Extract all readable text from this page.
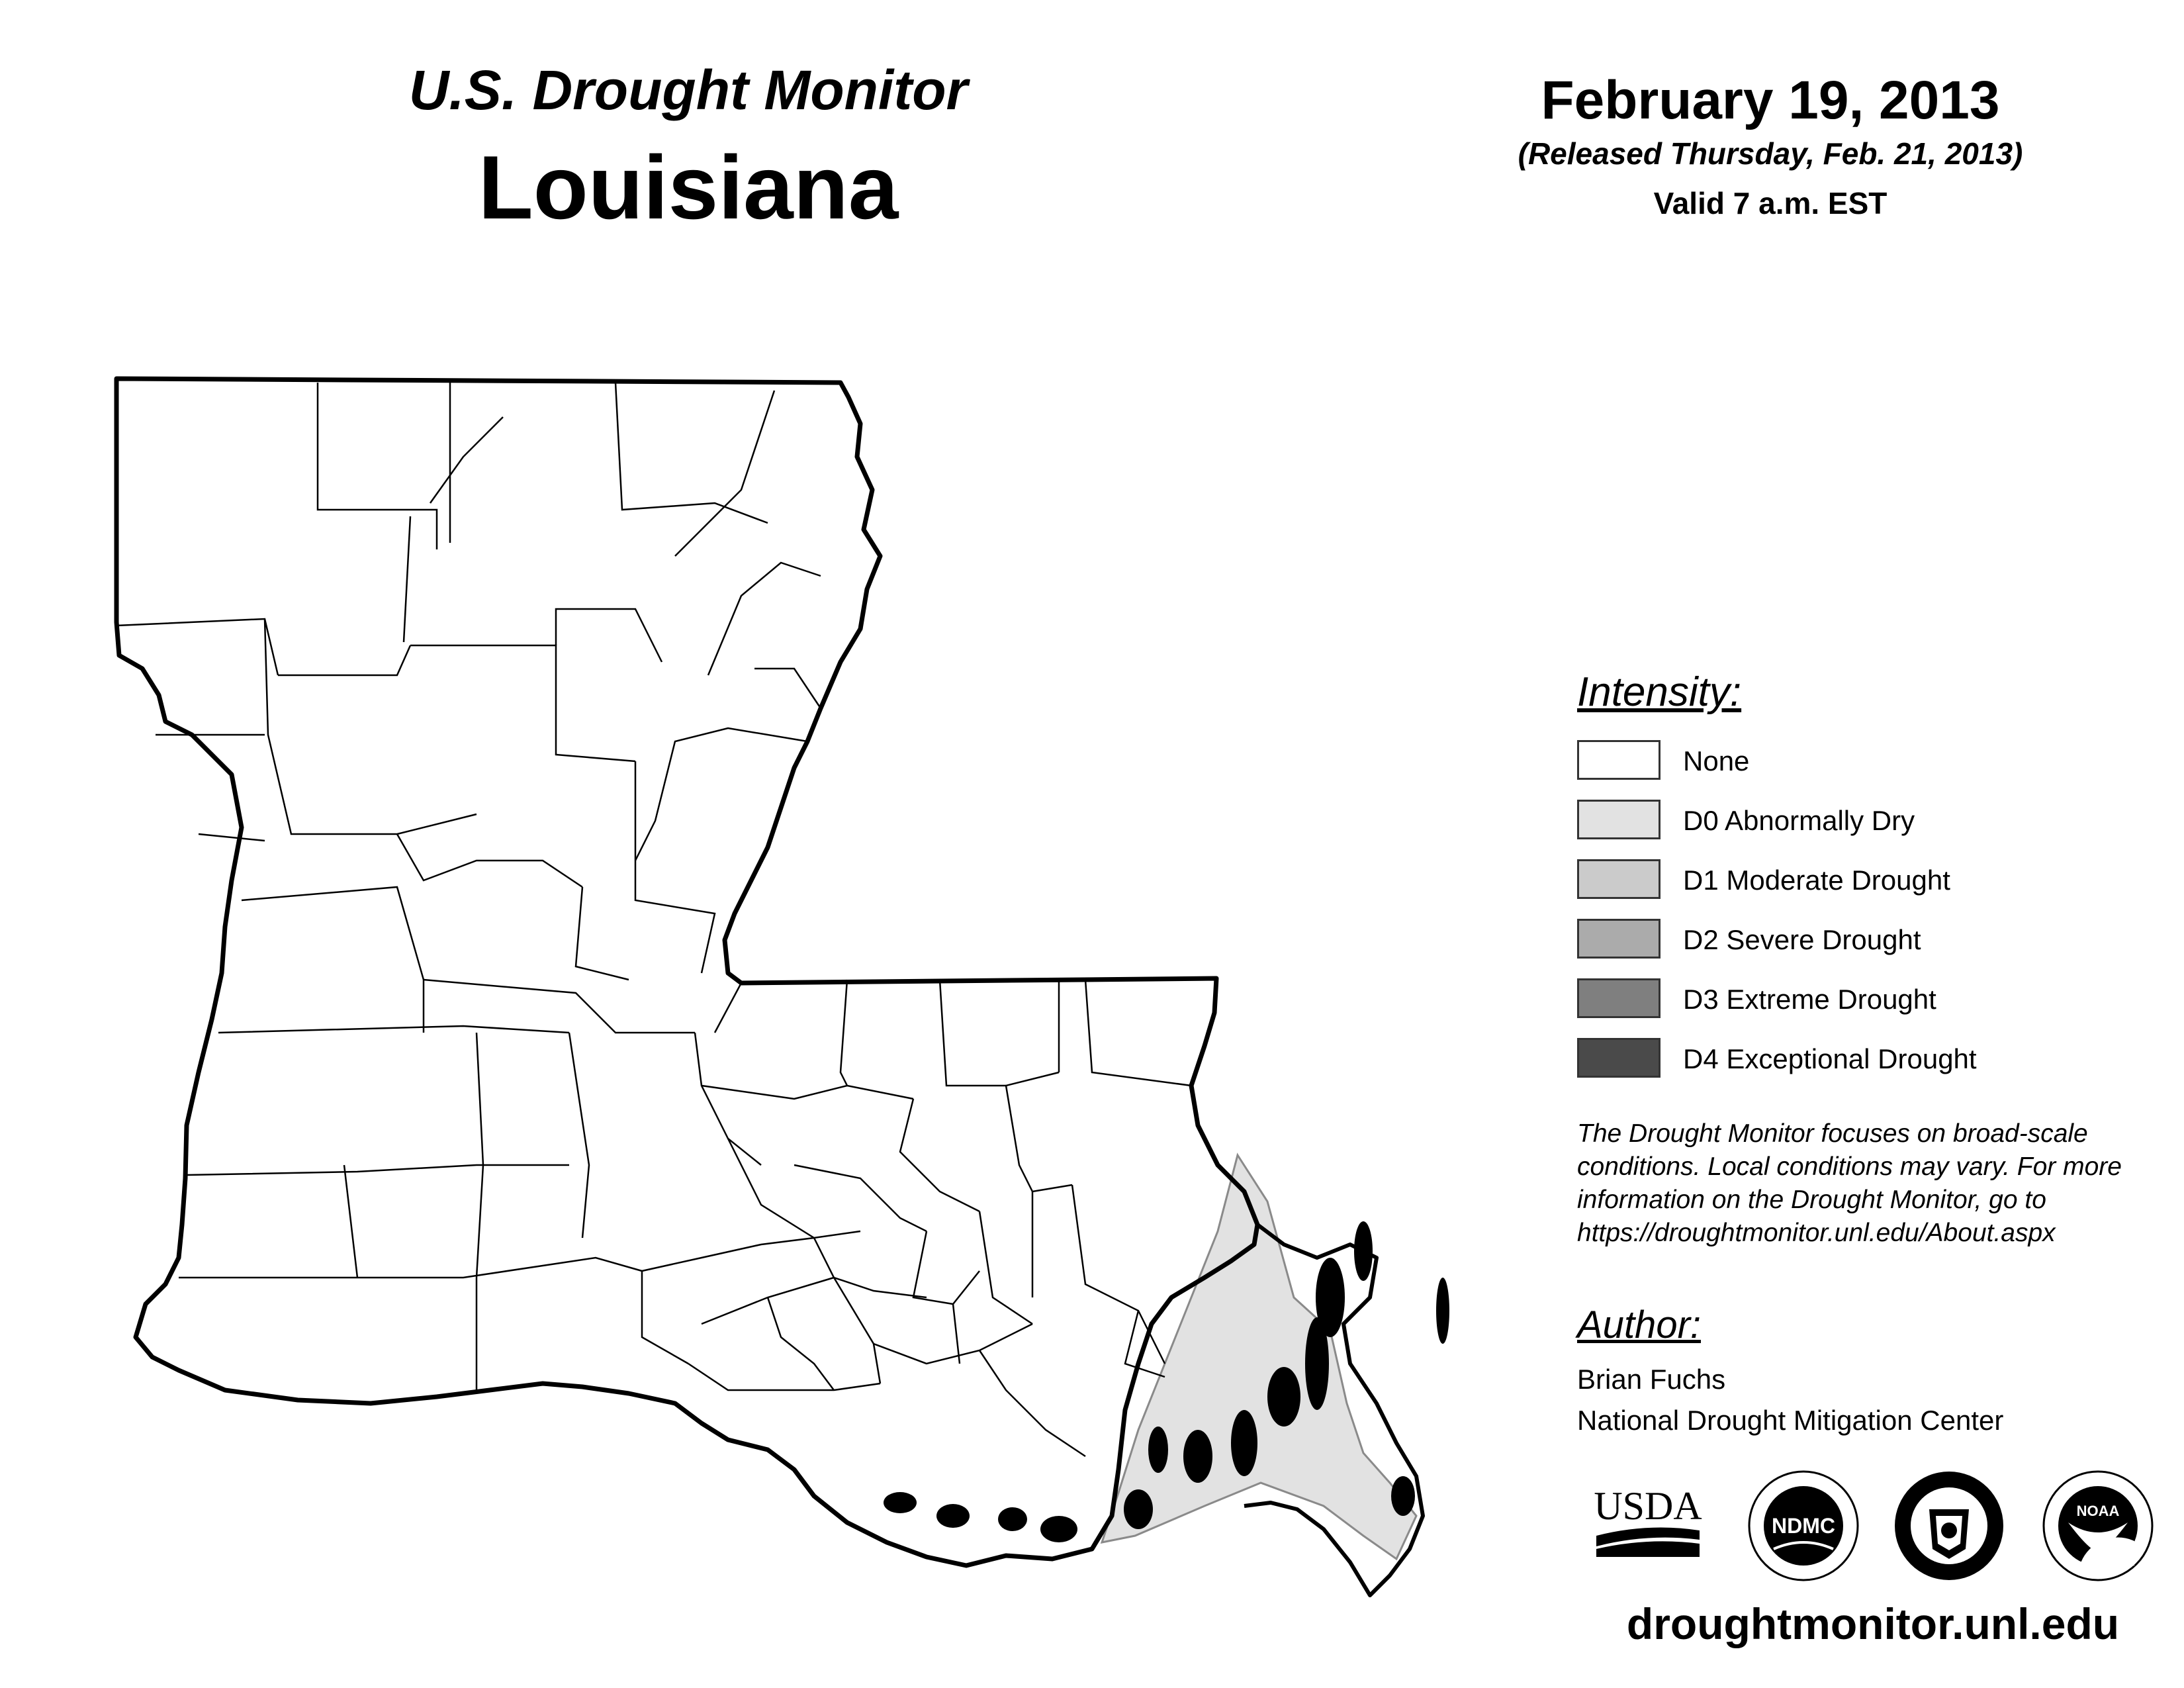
U.S. Drought Monitor
Louisiana
February 19, 2013
(Released Thursday, Feb. 21, 2013)
Valid 7 a.m. EST
Intensity:
None
D0 Abnormally Dry
D1 Moderate Drought
D2 Severe Drought
D3 Extreme Drought
D4 Exceptional Drought
The Drought Monitor focuses on broad-scale
conditions. Local conditions may vary. For more
information on the Drought Monitor, go to
https://droughtmonitor.unl.edu/About.aspx
Author:
Brian Fuchs
National Drought Mitigation Center
USDA	NDMC
NOAA
droughtmonitor.unl.edu
